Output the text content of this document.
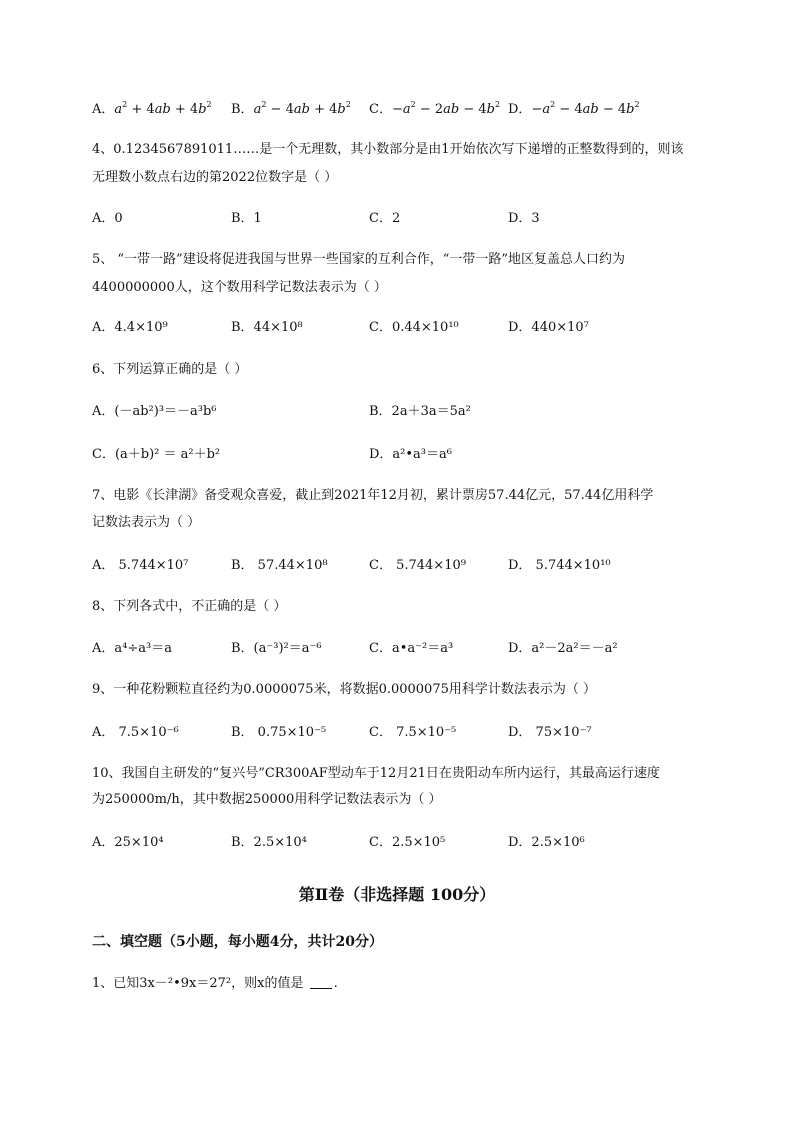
A．$a^2 + 4ab + 4b^2$ B．$a^2 - 4ab + 4b^2$ C．$-a^2 - 2ab - 4b^2$ D．$-a^2 - 4ab - 4b^2$
4、0.1234567891011……是一个无理数，其小数部分是由1开始依次写下递增的正整数得到的，则该
无理数小数点右边的第2022位数字是（ ）
A．0	B．1	C．2	D．3
5、 “一带一路”建设将促进我国与世界一些国家的互利合作，“一带一路”地区复盖总人口约为
4400000000人，这个数用科学记数法表示为（ ）
A．4.4×10⁹	B．44×10⁸	C．0.44×10¹⁰	D．440×10⁷
6、下列运算正确的是（ ）
A．(－ab²)³＝－a³b⁶	B．2a＋3a＝5a²
C．(a＋b)² ＝ a²＋b²	D．a²•a³＝a⁶
7、电影《长津湖》备受观众喜爱，截止到2021年12月初，累计票房57.44亿元，57.44亿用科学
记数法表示为（ ）
A． 5.744×10⁷	B． 57.44×10⁸	C． 5.744×10⁹	D． 5.744×10¹⁰
8、下列各式中，不正确的是（ ）
A．a⁴÷a³＝a	B．(a⁻³)²＝a⁻⁶	C．a•a⁻²＝a³	D．a²－2a²＝－a²
9、一种花粉颗粒直径约为0.0000075米，将数据0.0000075用科学计数法表示为（ ）
A． 7.5×10⁻⁶	B． 0.75×10⁻⁵	C． 7.5×10⁻⁵	D． 75×10⁻⁷
10、我国自主研发的“复兴号”CR300AF型动车于12月21日在贵阳动车所内运行，其最高运行速度
为250000m/h，其中数据250000用科学记数法表示为（ ）
A．25×10⁴	B．2.5×10⁴	C．2.5×10⁵	D．2.5×10⁶
第Ⅱ卷（非选择题 100分）
二、填空题（5小题，每小题4分，共计20分）
1、已知3x－²•9x＝27²，则x的值是 .
